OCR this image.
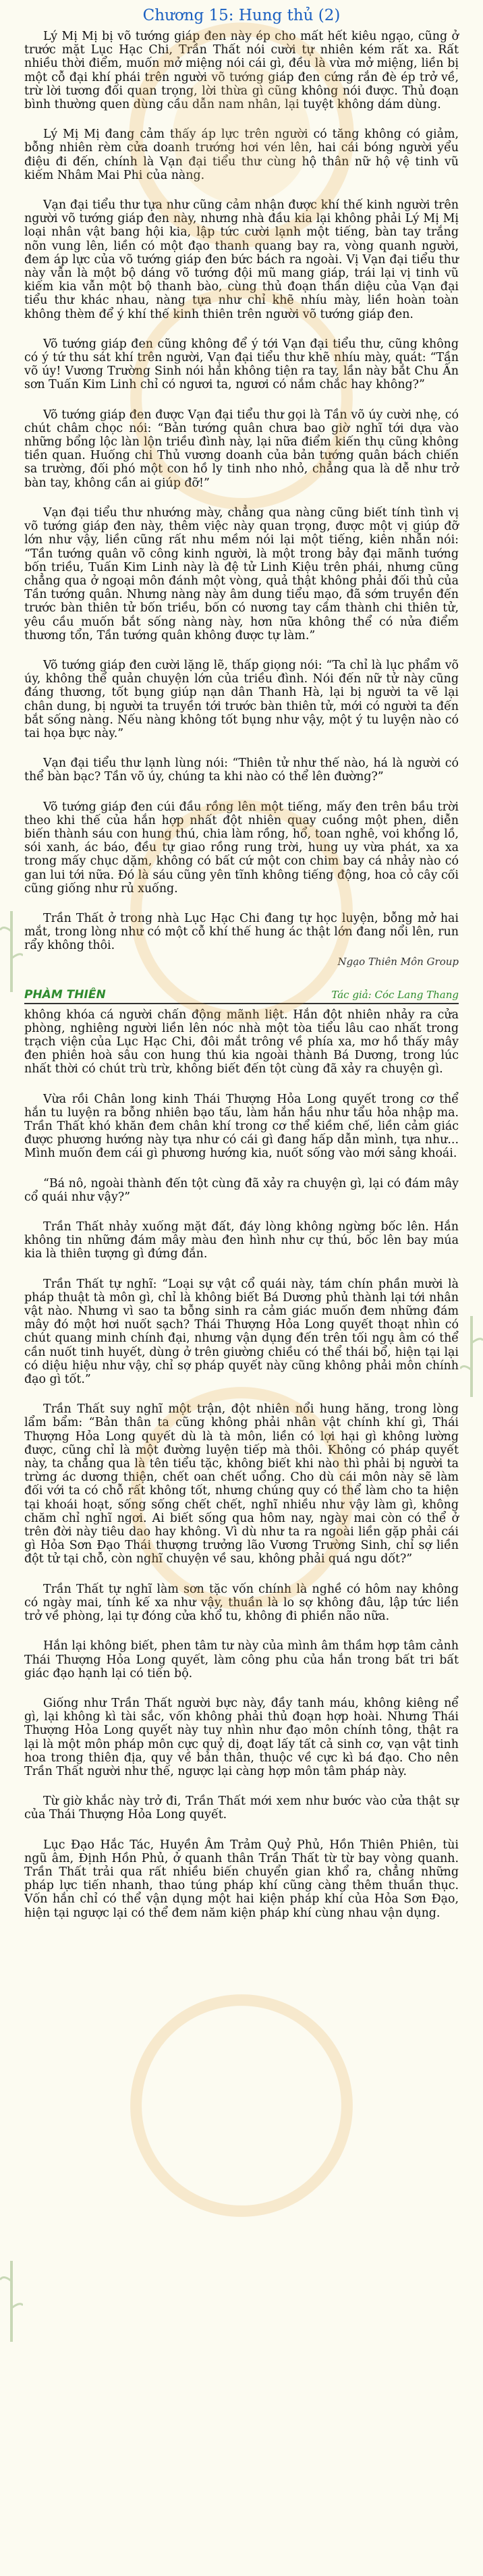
Chương 15: Hung thủ (2)

Lý Mị Mị bị võ tướng giáp đen này ép cho mất hết kiêu ngạo, cũng ở trước mặt Lục Hạc Chi, Trần Thất nói cười tự nhiên kém rất xa. Rất nhiều thời điểm, muốn mở miệng nói cái gì, đều là vừa mở miệng, liền bị một cỗ đại khí phái trên người võ tướng giáp đen cứng rắn đè ép trở về, trừ lời tương đối quan trọng, lời thừa gì cũng không nói được. Thủ đoạn bình thường quen dùng cầu dẫn nam nhân, lại tuyệt không dám dùng.

Lý Mị Mị đang cảm thấy áp lực trên người có tăng không có giảm, bỗng nhiên rèm cửa doanh trướng hơi vén lên, hai cái bóng người yểu điệu đi đến, chính là Vạn đại tiểu thư cùng hộ thân nữ hộ vệ tinh vũ kiếm Nhâm Mai Phi của nàng.

Vạn đại tiểu thư tựa như cũng cảm nhận được khí thế kinh người trên người võ tướng giáp đen này, nhưng nhà đầu kia lại không phải Lý Mị Mị loại nhân vật bang hội kia, lập tức cười lạnh một tiếng, bàn tay trắng nõn vung lên, liền có một đạo thanh quang bay ra, vòng quanh người, đem áp lực của võ tướng giáp đen bức bách ra ngoài. Vị Vạn đại tiểu thư này vẫn là một bộ dáng võ tướng đội mũ mang giáp, trái lại vị tinh vũ kiếm kia vẫn một bộ thanh bào, cùng thủ đoạn thần diệu của Vạn đại tiểu thư khác nhau, nàng tựa như chỉ khẽ nhíu mày, liền hoàn toàn không thèm để ý khí thế kinh thiên trên người võ tướng giáp đen.

Võ tướng giáp đen cũng không để ý tới Vạn đại tiểu thư, cũng không có ý tứ thu sát khí trên người, Vạn đại tiểu thư khẽ nhíu mày, quát: “Tần võ úy! Vương Trường Sinh nói hắn không tiện ra tay, lần này bắt Chu Ấn sơn Tuấn Kim Linh chỉ có ngươi ta, ngươi có nắm chắc hay không?”

Võ tướng giáp đen được Vạn đại tiểu thư gọi là Tần võ úy cười nhẹ, có chút châm chọc nói: “Bản tướng quân chưa bao giờ nghĩ tới dựa vào những bổng lộc làn lộn triều đình này, lại nữa điểm kiến thụ cũng không tiền quan. Huống chi Thủ vương doanh của bản tướng quân bách chiến sa trường, đối phó một con hồ ly tinh nho nhỏ, chẳng qua là dễ như trở bàn tay, không cần ai giúp đỡ!”

Vạn đại tiểu thư nhướng mày, chẳng qua nàng cũng biết tính tình vị võ tướng giáp đen này, thêm việc này quan trọng, được một vị giúp đỡ lớn như vậy, liền cũng rất nhu mềm nói lại một tiếng, kiên nhẫn nói: “Tần tướng quân võ công kinh người, là một trong bảy đại mãnh tướng bốn triều, Tuấn Kim Linh này là đệ tử Linh Kiệu trên phái, nhưng cũng chẳng qua ở ngoại môn đánh một vòng, quả thật không phải đối thủ của Tần tướng quân. Nhưng nàng này âm dung tiểu mạo, đã sớm truyền đến trước bàn thiên tử bốn triều, bốn có nương tay cầm thành chi thiên tử, yêu cầu muốn bắt sống nàng này, hơn nữa không thể có nửa điểm thương tổn, Tần tướng quân không được tự làm.”

Võ tướng giáp đen cười lặng lẽ, thấp giọng nói: “Ta chỉ là lục phẩm võ úy, không thể quản chuyện lớn của triều đình. Nói đến nữ tử này cũng đáng thương, tốt bụng giúp nạn dân Thanh Hà, lại bị người ta vẽ lại chân dung, bị người ta truyền tới trước bàn thiên tử, mới có người ta đến bắt sống nàng. Nếu nàng không tốt bụng như vậy, một ý tu luyện nào có tai họa bực này.”

Vạn đại tiểu thư lạnh lùng nói: “Thiên tử như thế nào, há là người có thể bàn bạc? Tần võ úy, chúng ta khi nào có thể lên đường?”

Võ tướng giáp đen cúi đầu rồng lên một tiếng, mấy đen trên bầu trời theo khi thế của hắn hợp nhất đột nhiên quay cuồng một phen, diễn biến thành sáu con hung thú, chia làm rồng, hổ, toan nghê, voi khổng lồ, sói xanh, ác báo, đều tự giao rồng rung trời, hung uy vừa phát, xa xa trong mấy chục dặm, không có bất cứ một con chim bay cá nhảy nào có gan lui tới nữa. Đó là sáu cũng yên tĩnh không tiếng động, hoa cỏ cây cối cũng giống như rủ xuống.

Trần Thất ở trong nhà Lục Hạc Chi đang tự học luyện, bỗng mở hai mắt, trong lòng như có một cỗ khí thế hung ác thật lớn đang nổi lên, run rẩy không thôi.

Ngạo Thiên Môn Group
PHÀM THIÊN	Tác giả: Cóc Lang Thang

không khóa cá người chấn động mãnh liệt. Hắn đột nhiên nhảy ra cửa phòng, nghiêng người liền lên nóc nhà một tòa tiểu lâu cao nhất trong trạch viện của Lục Hạc Chi, đôi mắt trông về phía xa, mơ hồ thấy mây đen phiên hoà sâu con hung thú kia ngoài thành Bá Dương, trong lúc nhất thời có chút trù trừ, không biết đến tột cùng đã xảy ra chuyện gì.

Vừa rồi Chân long kinh Thái Thượng Hỏa Long quyết trong cơ thể hắn tu luyện ra bỗng nhiên bạo tấu, làm hắn hầu như tẩu hỏa nhập ma. Trần Thất khó khăn đem chân khí trong cơ thể kiềm chế, liền cảm giác được phương hướng này tựa như có cái gì đang hấp dẫn mình, tựa như... Mình muốn đem cái gì phương hướng kia, nuốt sống vào mới sảng khoái.

“Bá nô, ngoài thành đến tột cùng đã xảy ra chuyện gì, lại có đám mây cổ quái như vậy?”

Trần Thất nhảy xuống mặt đất, đáy lòng không ngừng bốc lên. Hắn không tin những đám mây màu đen hình như cự thú, bốc lên bay múa kia là thiên tượng gì đứng đắn.

Trần Thất tự nghĩ: “Loại sự vật cổ quái này, tám chín phần mười là pháp thuật tà môn gì, chỉ là không biết Bá Dương phủ thành lại tới nhân vật nào. Nhưng vì sao ta bỗng sinh ra cảm giác muốn đem những đám mây đó một hơi nuốt sạch? Thái Thượng Hỏa Long quyết thoạt nhìn có chút quang minh chính đại, nhưng vận dụng đến trên tối ngụ âm có thể cần nuốt tinh huyết, dùng ở trên giường chiều có thể thái bổ, hiện tại lại có diệu hiệu như vậy, chỉ sợ pháp quyết này cũng không phải môn chính đạo gì tốt.”

Trần Thất suy nghĩ một trận, đột nhiên nổi hung hăng, trong lòng lẩm bẩm: “Bản thân ta cũng không phải nhân vật chính khí gì, Thái Thượng Hỏa Long quyết dù là tà môn, liền có lợi hại gì không lường được, cũng chỉ là một đường luyện tiếp mà thôi. Không có pháp quyết này, ta chẳng qua là tên tiểu tặc, không biết khi nào thì phải bị người ta trừng ác dương thiện, chết oan chết uổng. Cho dù cái môn này sẽ làm đối với ta có chỗ rất không tốt, nhưng chúng quy có thể làm cho ta hiện tại khoái hoạt, sống sống chết chết, nghĩ nhiều như vậy làm gì, không chăm chỉ nghĩ ngơi. Ai biết sống qua hôm nay, ngày mai còn có thể ở trên đời này tiêu dao hay không. Vì dù như ta ra ngoài liền gặp phải cái gì Hỏa Sơn Đạo Thái thượng trưởng lão Vương Trường Sinh, chỉ sợ liền đột tử tại chỗ, còn nghĩ chuyện về sau, không phải quá ngu dốt?”

Trần Thất tự nghĩ làm sơn tặc vốn chính là nghề có hôm nay không có ngày mai, tính kế xa như vậy, thuần là lo sợ không đâu, lập tức liền trở về phòng, lại tự đóng cửa khổ tu, không đi phiền não nữa.

Hắn lại không biết, phen tâm tư này của mình âm thầm hợp tâm cảnh Thái Thượng Hỏa Long quyết, làm công phu của hắn trong bất tri bất giác đạo hạnh lại có tiến bộ.

Giống như Trần Thất người bực này, đầy tanh máu, không kiêng nể gì, lại không kì tài sắc, vốn không phải thủ đoạn hợp hoài. Nhưng Thái Thượng Hỏa Long quyết này tuy nhìn như đạo môn chính tông, thật ra lại là một môn pháp môn cực quỷ dị, đoạt lấy tất cả sinh cơ, vạn vật tinh hoa trong thiên địa, quy về bản thân, thuộc về cực kì bá đạo. Cho nên Trần Thất người như thế, ngược lại càng hợp môn tâm pháp này.

Từ giờ khắc này trở đi, Trần Thất mới xem như bước vào cửa thật sự của Thái Thượng Hỏa Long quyết.

Lục Đạo Hắc Tác, Huyền Âm Trảm Quỷ Phủ, Hồn Thiên Phiên, tùi ngũ âm, Định Hồn Phủ, ở quanh thân Trần Thất từ từ bay vòng quanh. Trần Thất trải qua rất nhiều biến chuyển gian khổ ra, chẳng những pháp lực tiến nhanh, thao túng pháp khí cũng càng thêm thuần thục. Vốn hắn chỉ có thể vận dụng một hai kiện pháp khí của Hỏa Sơn Đạo, hiện tại ngược lại có thể đem năm kiện pháp khí cùng nhau vận dụng.
